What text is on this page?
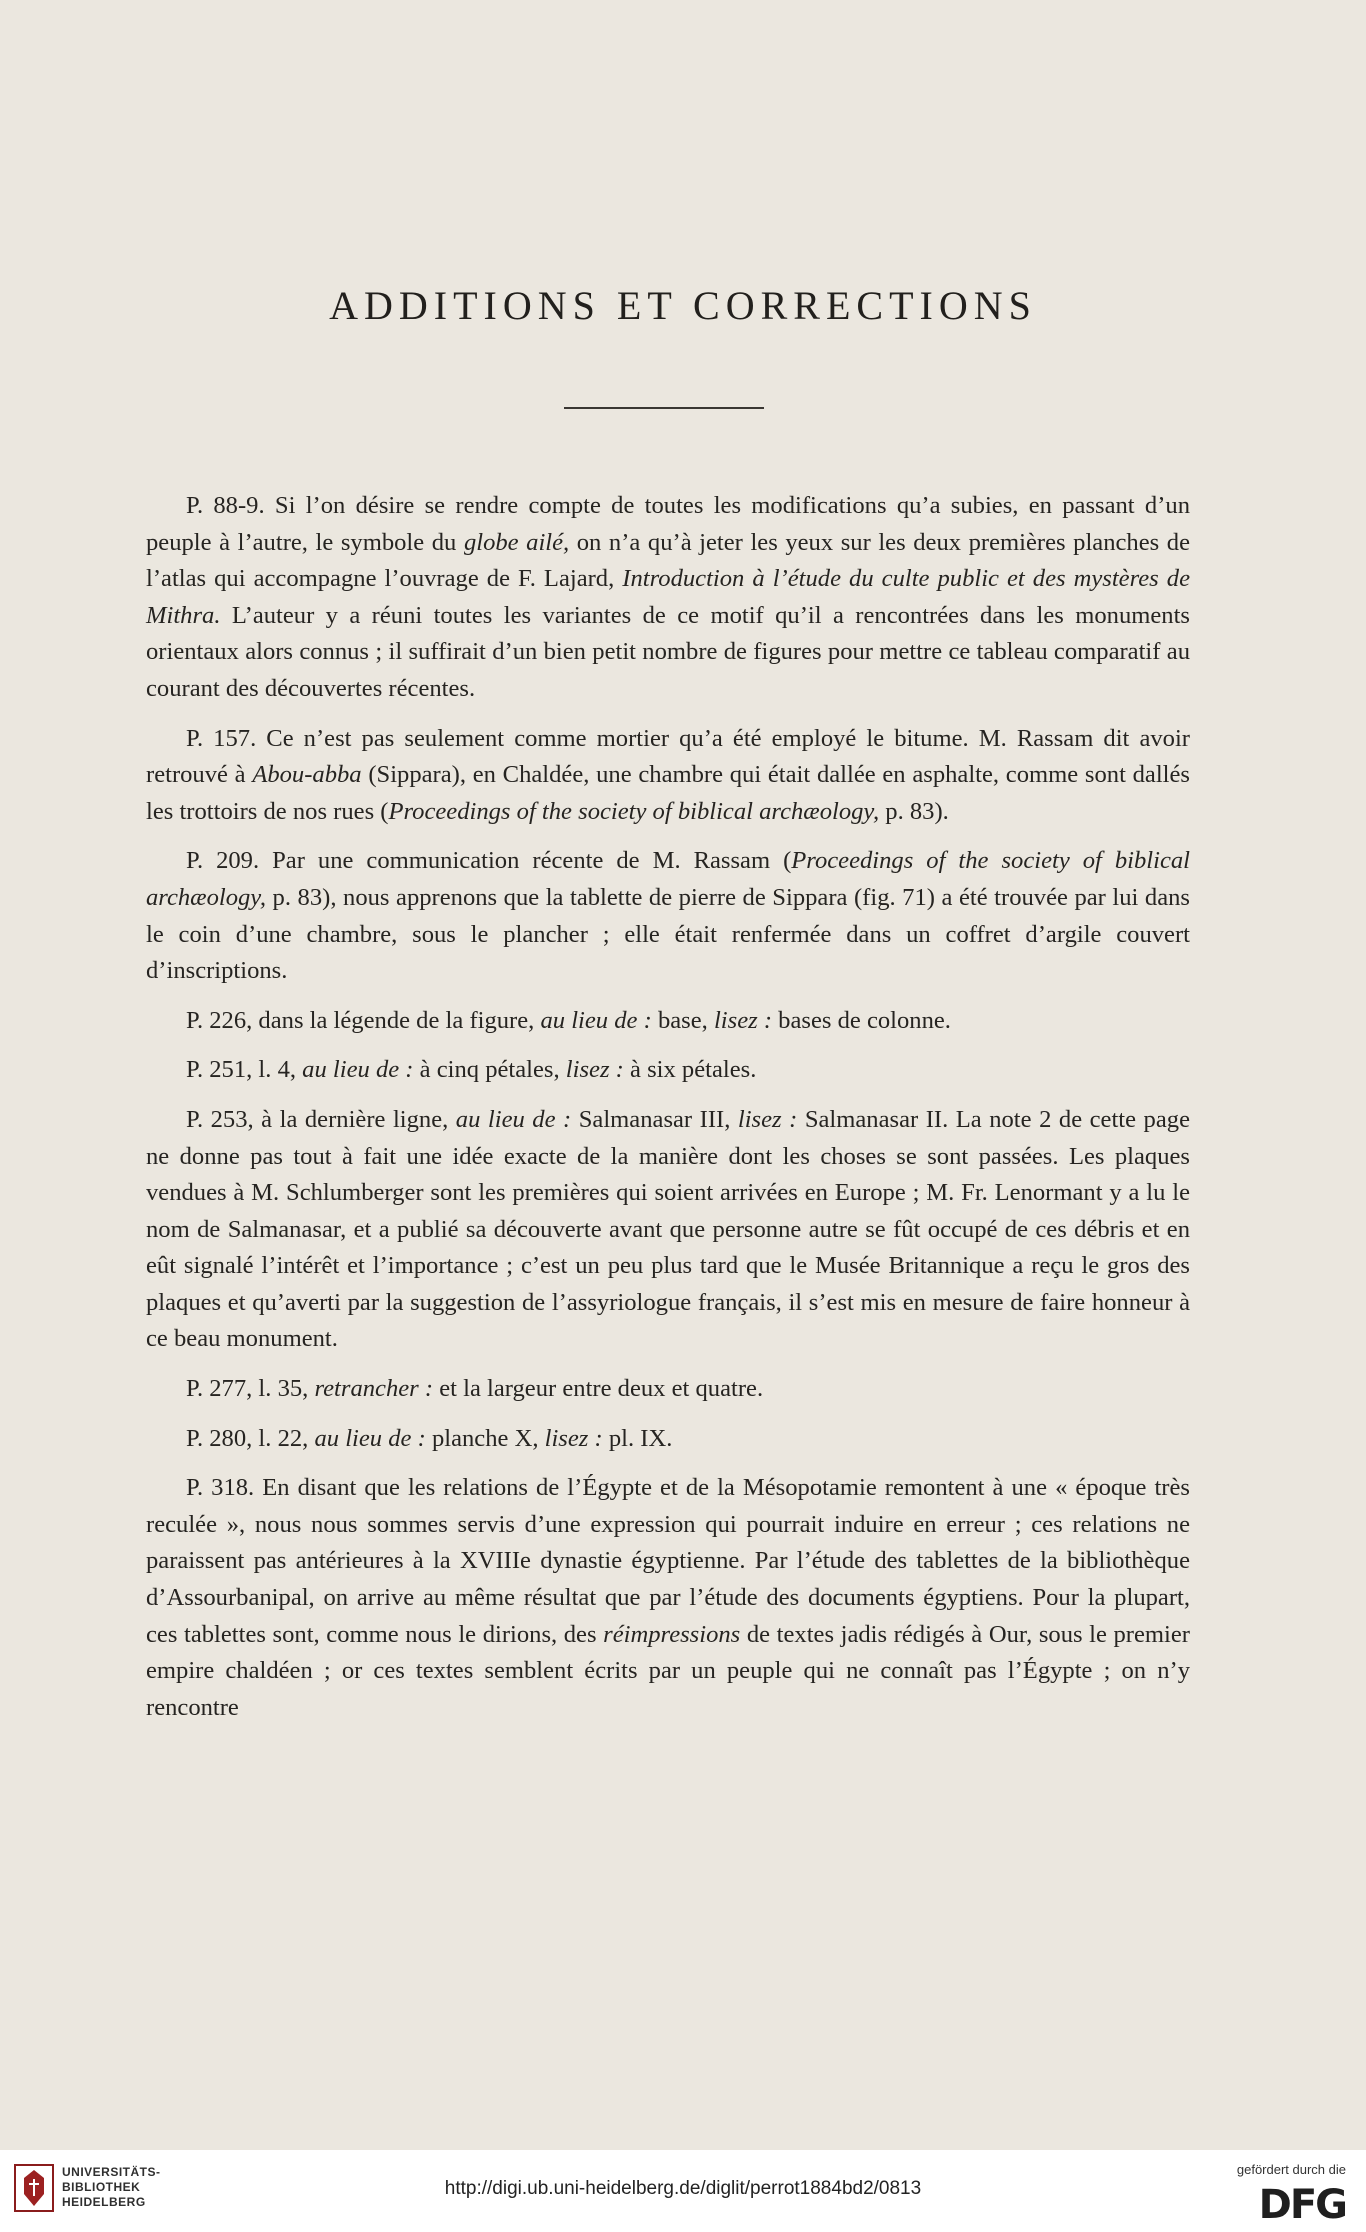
ADDITIONS ET CORRECTIONS

P. 88-9. Si l’on désire se rendre compte de toutes les modifications qu’a subies, en passant d’un peuple à l’autre, le symbole du globe ailé, on n’a qu’à jeter les yeux sur les deux premières planches de l’atlas qui accompagne l’ouvrage de F. Lajard, Introduction à l’étude du culte public et des mystères de Mithra. L’auteur y a réuni toutes les variantes de ce motif qu’il a rencontrées dans les monuments orientaux alors connus ; il suffirait d’un bien petit nombre de figures pour mettre ce tableau comparatif au courant des découvertes récentes.

P. 157. Ce n’est pas seulement comme mortier qu’a été employé le bitume. M. Rassam dit avoir retrouvé à Abou-abba (Sippara), en Chaldée, une chambre qui était dallée en asphalte, comme sont dallés les trottoirs de nos rues (Proceedings of the society of biblical archæology, p. 83).

P. 209. Par une communication récente de M. Rassam (Proceedings of the society of biblical archæology, p. 83), nous apprenons que la tablette de pierre de Sippara (fig. 71) a été trouvée par lui dans le coin d’une chambre, sous le plancher ; elle était renfermée dans un coffret d’argile couvert d’inscriptions.

P. 226, dans la légende de la figure, au lieu de : base, lisez : bases de colonne.

P. 251, l. 4, au lieu de : à cinq pétales, lisez : à six pétales.

P. 253, à la dernière ligne, au lieu de : Salmanasar III, lisez : Salmanasar II. La note 2 de cette page ne donne pas tout à fait une idée exacte de la manière dont les choses se sont passées. Les plaques vendues à M. Schlumberger sont les premières qui soient arrivées en Europe ; M. Fr. Lenormant y a lu le nom de Salmanasar, et a publié sa découverte avant que personne autre se fût occupé de ces débris et en eût signalé l’intérêt et l’importance ; c’est un peu plus tard que le Musée Britannique a reçu le gros des plaques et qu’averti par la suggestion de l’assyriologue français, il s’est mis en mesure de faire honneur à ce beau monument.

P. 277, l. 35, retrancher : et la largeur entre deux et quatre.

P. 280, l. 22, au lieu de : planche X, lisez : pl. IX.

P. 318. En disant que les relations de l’Égypte et de la Mésopotamie remontent à une « époque très reculée », nous nous sommes servis d’une expression qui pourrait induire en erreur ; ces relations ne paraissent pas antérieures à la XVIIIe dynastie égyptienne. Par l’étude des tablettes de la bibliothèque d’Assourbanipal, on arrive au même résultat que par l’étude des documents égyptiens. Pour la plupart, ces tablettes sont, comme nous le dirions, des réimpressions de textes jadis rédigés à Our, sous le premier empire chaldéen ; or ces textes semblent écrits par un peuple qui ne connaît pas l’Égypte ; on n’y rencontre

UNIVERSITÄTS-
BIBLIOTHEK
HEIDELBERG
http://digi.ub.uni-heidelberg.de/diglit/perrot1884bd2/0813
gefördert durch die
DFG
